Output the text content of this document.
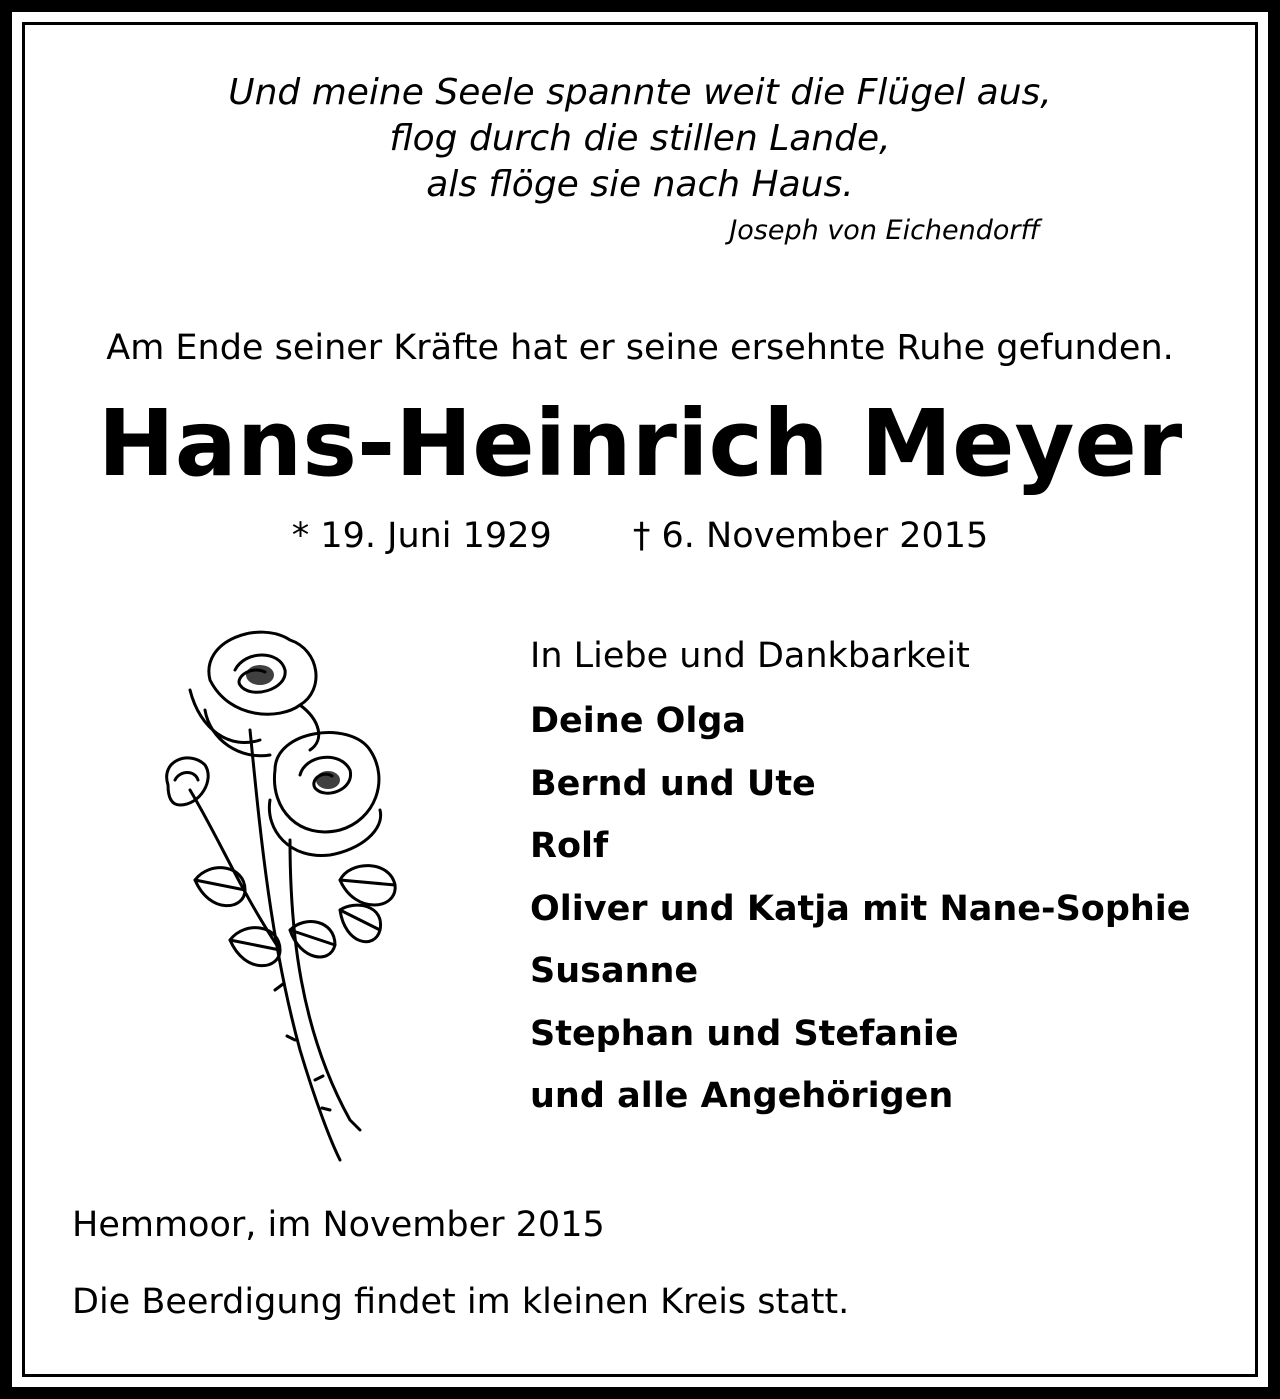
Und meine Seele spannte weit die Flügel aus,
flog durch die stillen Lande,
als flöge sie nach Haus.
Joseph von Eichendorff
Am Ende seiner Kräfte hat er seine ersehnte Ruhe gefunden.
Hans-Heinrich Meyer
* 19. Juni 1929 † 6. November 2015
In Liebe und Dankbarkeit
Deine Olga
Bernd und Ute
Rolf
Oliver und Katja mit Nane-Sophie
Susanne
Stephan und Stefanie
und alle Angehörigen
Hemmoor, im November 2015
Die Beerdigung findet im kleinen Kreis statt.
